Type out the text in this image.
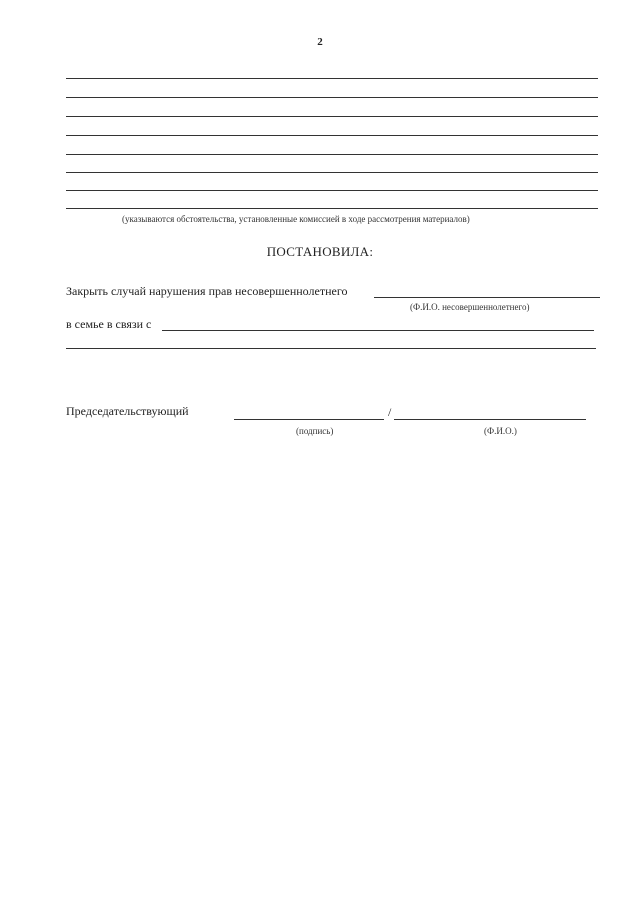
2
(указываются обстоятельства, установленные комиссией в ходе рассмотрения материалов)
ПОСТАНОВИЛА:
Закрыть случай нарушения прав несовершеннолетнего
(Ф.И.О. несовершеннолетнего)
в семье в связи с
Председательствующий	/
(подпись)	(Ф.И.О.)
